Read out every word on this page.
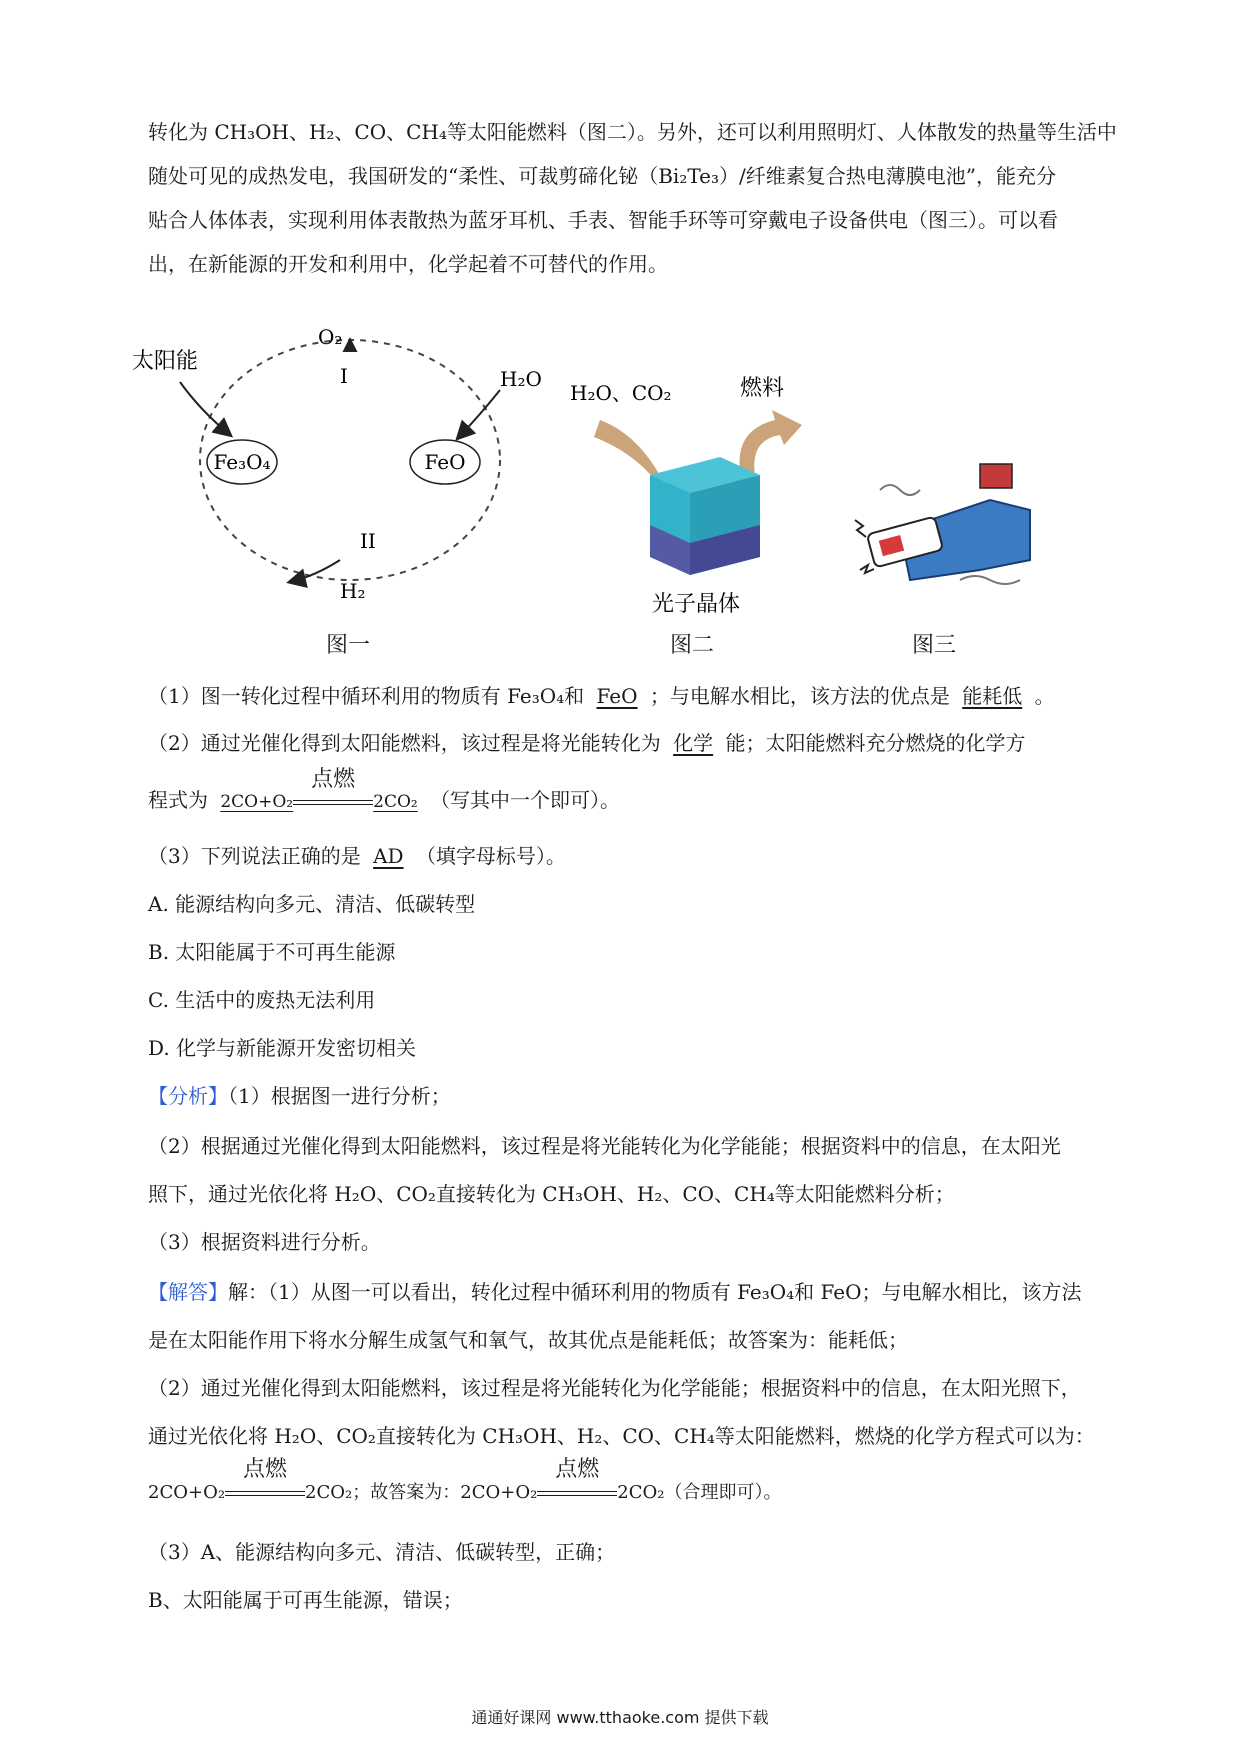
转化为 CH₃OH、H₂、CO、CH₄等太阳能燃料（图二）。另外，还可以利用照明灯、人体散发的热量等生活中
随处可见的成热发电，我国研发的“柔性、可裁剪碲化铋（Bi₂Te₃）/纤维素复合热电薄膜电池”，能充分
贴合人体体表，实现利用体表散热为蓝牙耳机、手表、智能手环等可穿戴电子设备供电（图三）。可以看
出，在新能源的开发和利用中，化学起着不可替代的作用。
Fe₃O₄	FeO
太阳能
O₂
I	H₂O
II
H₂
图一
H₂O、CO₂	燃料
光子晶体
图二	图三
（1）图一转化过程中循环利用的物质有 Fe₃O₄和 FeO ；与电解水相比，该方法的优点是 能耗低 。
（2）通过光催化得到太阳能燃料，该过程是将光能转化为 化学 能；太阳能燃料充分燃烧的化学方
程式为 2CO+O₂
点燃
2CO₂ （写其中一个即可）。
（3）下列说法正确的是 AD （填字母标号）。
A. 能源结构向多元、清洁、低碳转型
B. 太阳能属于不可再生能源
C. 生活中的废热无法利用
D. 化学与新能源开发密切相关
【分析】（1）根据图一进行分析；
（2）根据通过光催化得到太阳能燃料，该过程是将光能转化为化学能能；根据资料中的信息，在太阳光
照下，通过光依化将 H₂O、CO₂直接转化为 CH₃OH、H₂、CO、CH₄等太阳能燃料分析；
（3）根据资料进行分析。
【解答】解：（1）从图一可以看出，转化过程中循环利用的物质有 Fe₃O₄和 FeO；与电解水相比，该方法
是在太阳能作用下将水分解生成氢气和氧气，故其优点是能耗低；故答案为：能耗低；
（2）通过光催化得到太阳能燃料，该过程是将光能转化为化学能能；根据资料中的信息，在太阳光照下，
通过光依化将 H₂O、CO₂直接转化为 CH₃OH、H₂、CO、CH₄等太阳能燃料，燃烧的化学方程式可以为：
2CO+O₂
点燃
2CO₂；故答案为：2CO+O₂
点燃
2CO₂（合理即可）。
（3）A、能源结构向多元、清洁、低碳转型，正确；
B、太阳能属于可再生能源，错误；
通通好课网 www.tthaoke.com 提供下载
